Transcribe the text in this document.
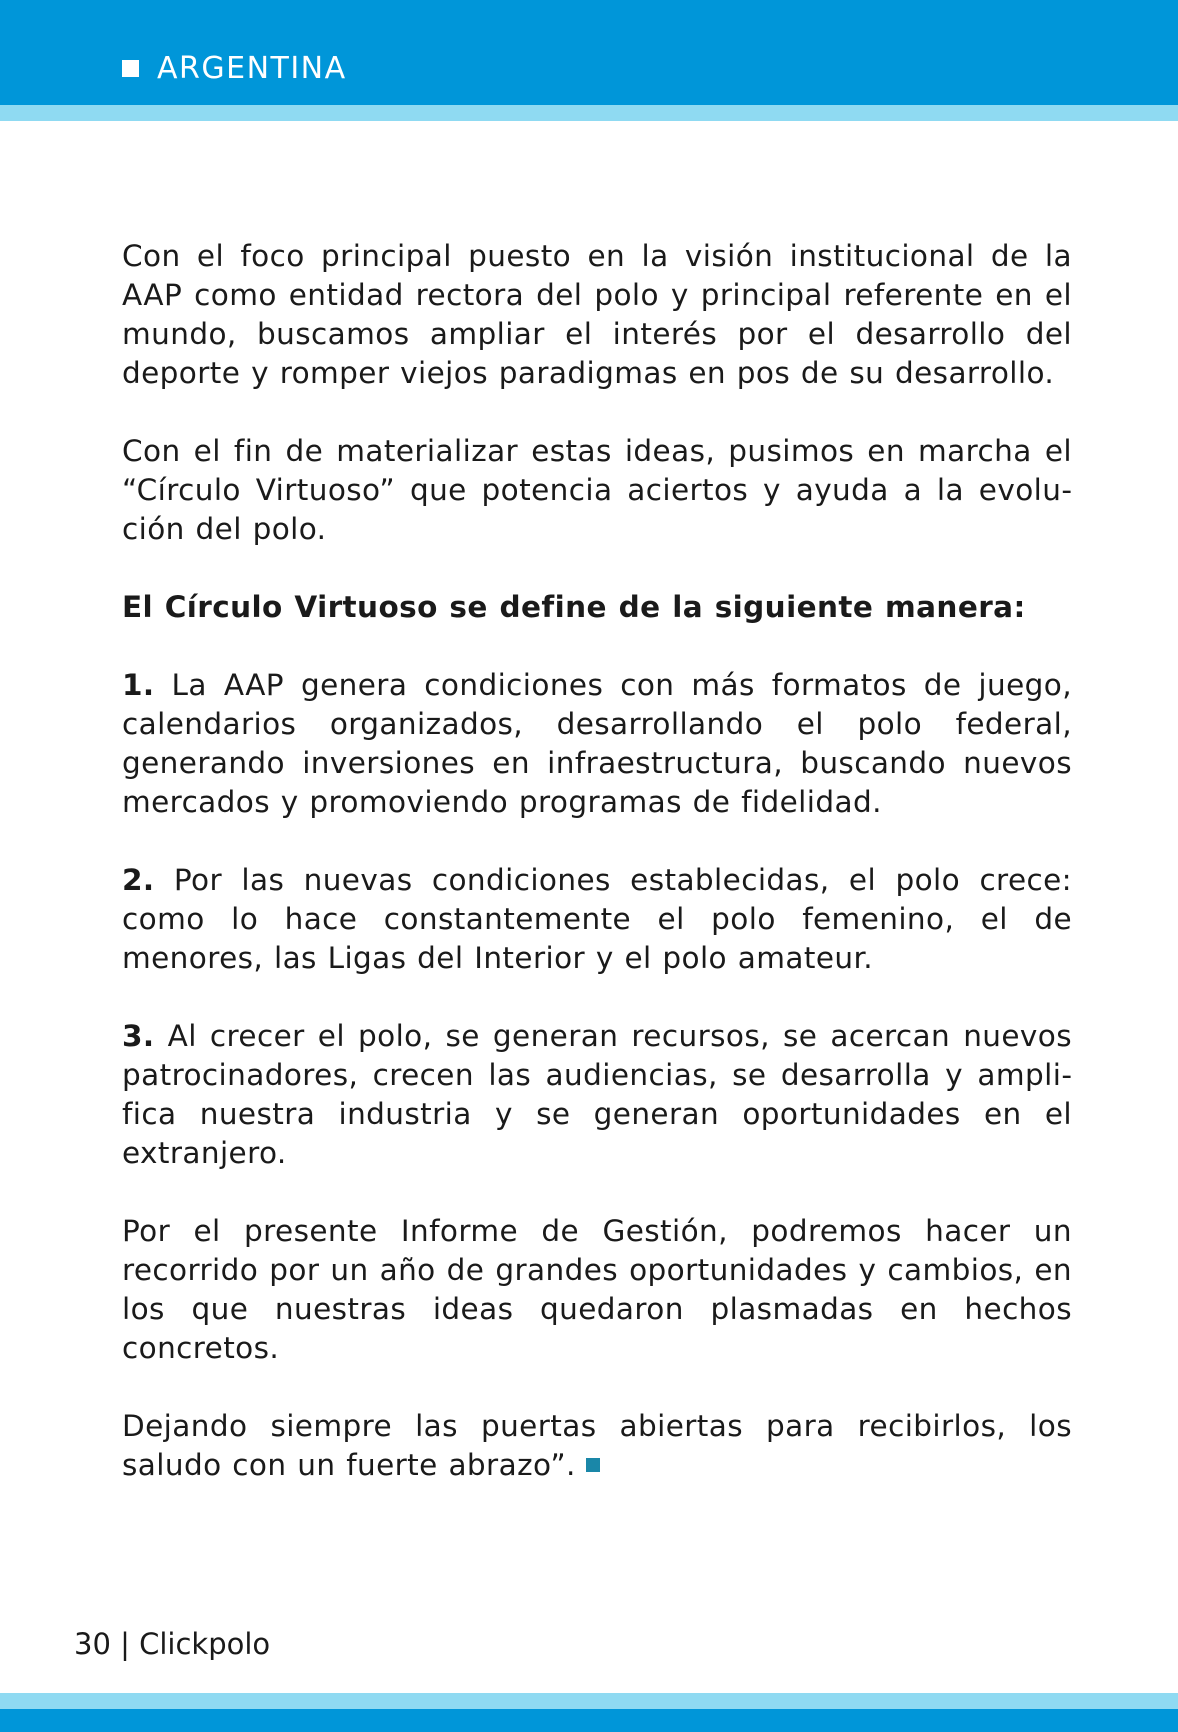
ARGENTINA

Con el foco principal puesto en la visión institucional de la AAP como entidad rectora del polo y principal referente en el mundo, buscamos ampliar el interés por el desarrollo del deporte y romper viejos paradigmas en pos de su desarrollo.

Con el fin de materializar estas ideas, pusimos en marcha el “Círculo Virtuoso” que potencia aciertos y ayuda a la evolución del polo.

El Círculo Virtuoso se define de la siguiente manera:

1. La AAP genera condiciones con más formatos de juego, calendarios organizados, desarrollando el polo federal, generando inversiones en infraestructura, buscando nuevos mercados y promoviendo programas de fidelidad.

2. Por las nuevas condiciones establecidas, el polo crece: como lo hace constantemente el polo femenino, el de menores, las Ligas del Interior y el polo amateur.

3. Al crecer el polo, se generan recursos, se acercan nuevos patrocinadores, crecen las audiencias, se desarrolla y amplifica nuestra industria y se generan oportunidades en el extranjero.

Por el presente Informe de Gestión, podremos hacer un recorrido por un año de grandes oportunidades y cambios, en los que nuestras ideas quedaron plasmadas en hechos concretos.

Dejando siempre las puertas abiertas para recibirlos, los saludo con un fuerte abrazo”.

30 | Clickpolo
